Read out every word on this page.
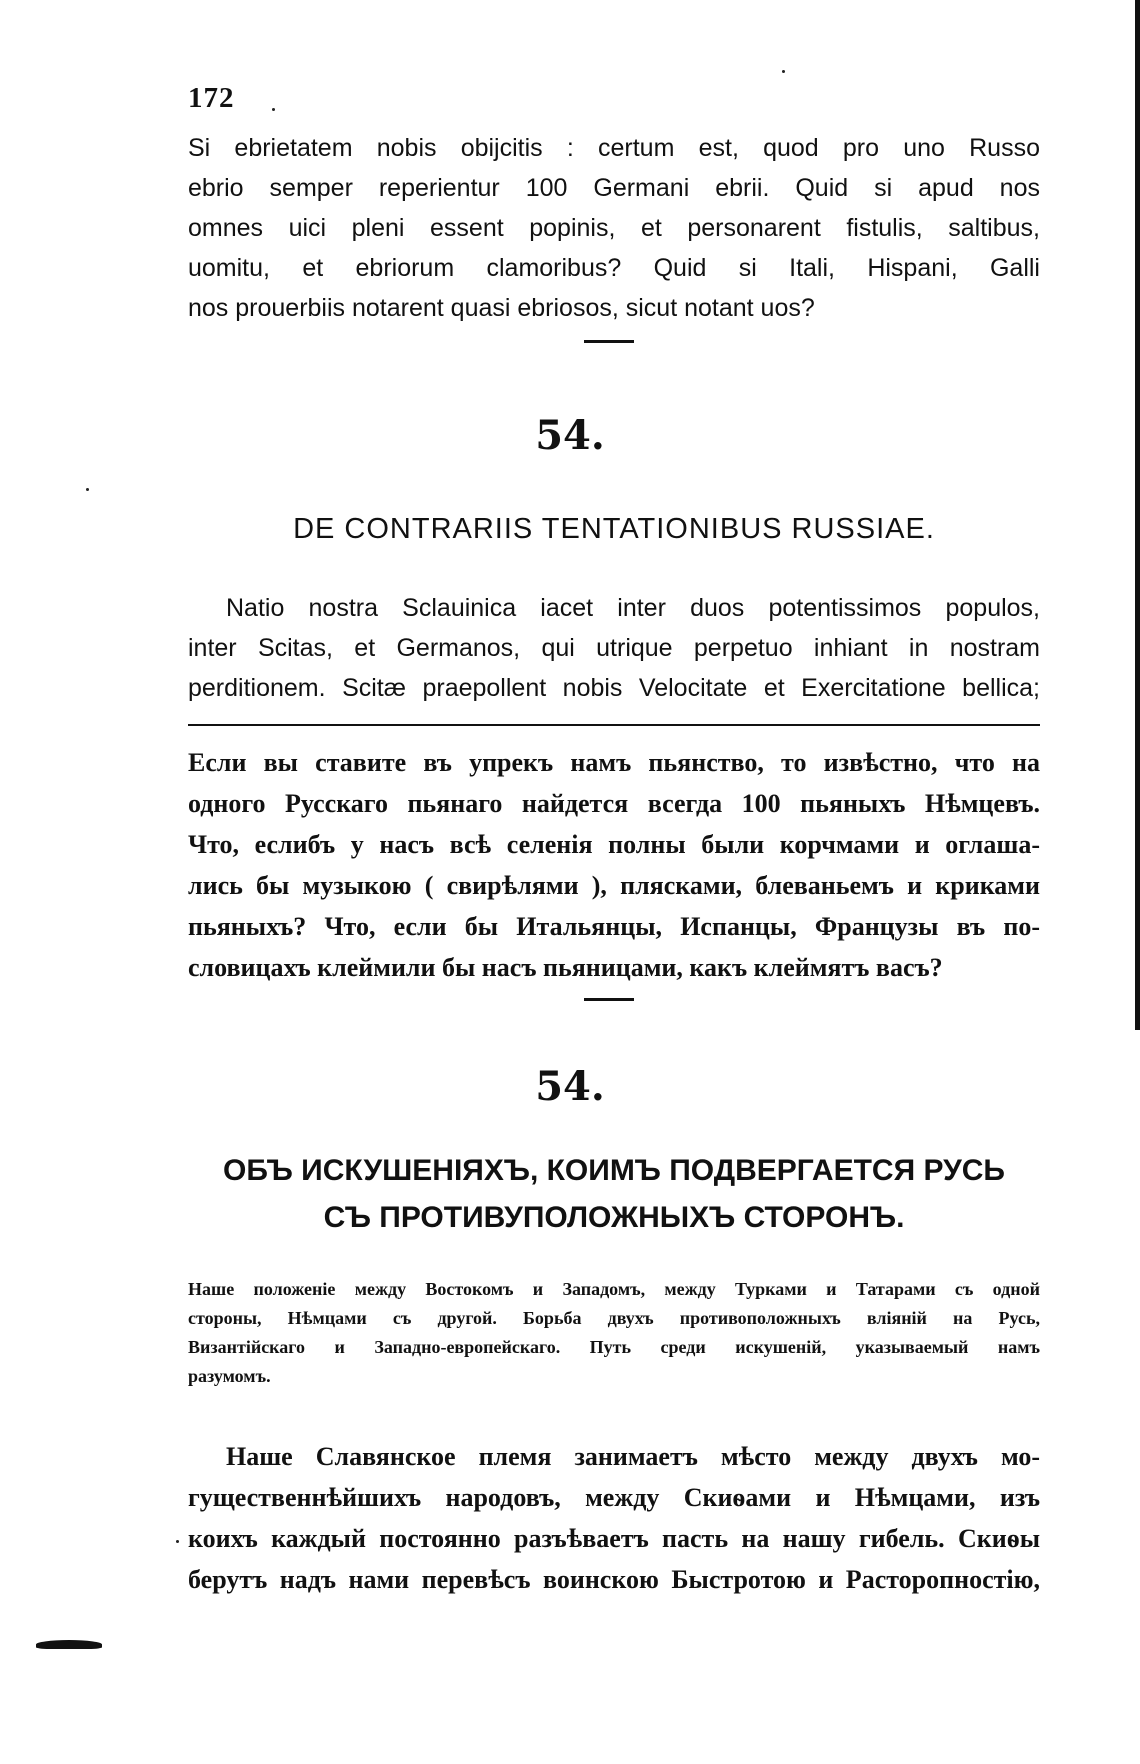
172

Si ebrietatem nobis obijcitis : certum est, quod pro uno Russo
ebrio semper reperientur 100 Germani ebrii. Quid si apud nos
omnes uici pleni essent popinis, et personarent fistulis, saltibus,
uomitu, et ebriorum clamoribus? Quid si Itali, Hispani, Galli
nos prouerbiis notarent quasi ebriosos, sicut notant uos?

54.
DE CONTRARIIS TENTATIONIBUS RUSSIAE.

Natio nostra Sclauinica iacet inter duos potentissimos populos,
inter Scitas, et Germanos, qui utrique perpetuo inhiant in nostram
perditionem. Scitæ praepollent nobis Velocitate et Exercitatione bellica;

Если вы ставите въ упрекъ намъ пьянство, то извѣстно, что на
одного Русскаго пьянаго найдется всегда 100 пьяныхъ Нѣмцевъ.
Что, еслибъ у насъ всѣ селенія полны были корчмами и оглаша-
лись бы музыкою ( свирѣлями ), плясками, блеваньемъ и криками
пьяныхъ? Что, если бы Итальянцы, Испанцы, Французы въ по-
словицахъ клеймили бы насъ пьяницами, какъ клеймятъ васъ?

54.
ОБЪ ИСКУШЕНІЯХЪ, КОИМЪ ПОДВЕРГАЕТСЯ РУСЬ
СЪ ПРОТИВУПОЛОЖНЫХЪ СТОРОНЪ.

Наше положеніе между Востокомъ и Западомъ, между Турками и Татарами съ одной
стороны, Нѣмцами съ другой. Борьба двухъ противоположныхъ вліяній на Русь,
Византійскаго и Западно-европейскаго. Путь среди искушеній, указываемый намъ
разумомъ.

Наше Славянское племя занимаетъ мѣсто между двухъ мо-
гущественнѣйшихъ народовъ, между Скиѳами и Нѣмцами, изъ
коихъ каждый постоянно разъѣваетъ пасть на нашу гибель. Скиѳы
берутъ надъ нами перевѣсъ воинскою Быстротою и Расторопностію,
